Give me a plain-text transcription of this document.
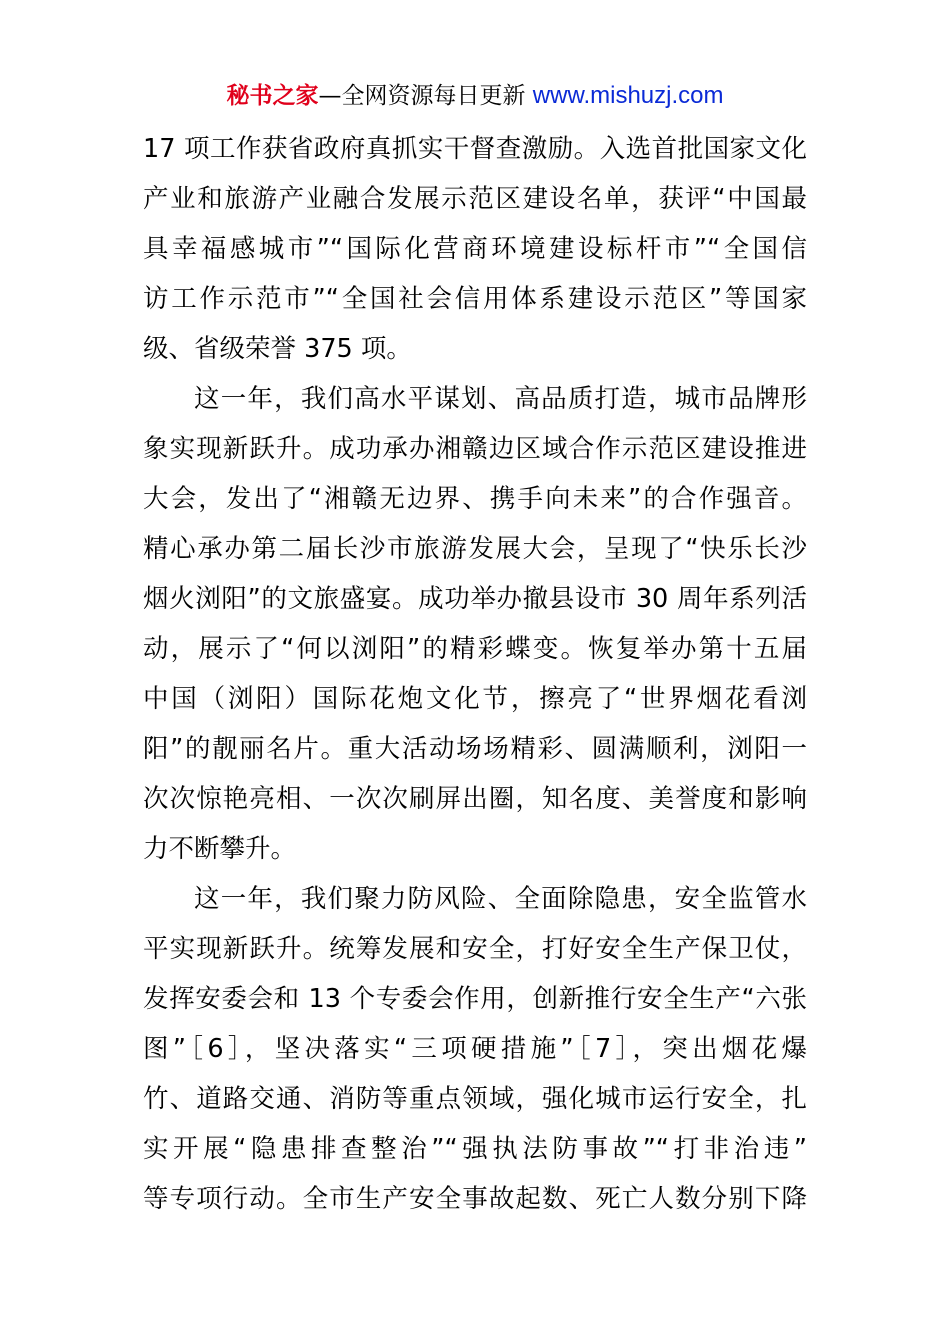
秘书之家—全网资源每日更新 www.mishuzj.com
17 项工作获省政府真抓实干督查激励。入选首批国家文化
产业和旅游产业融合发展示范区建设名单，获评“中国最
具幸福感城市”“国际化营商环境建设标杆市”“全国信
访工作示范市”“全国社会信用体系建设示范区”等国家
级、省级荣誉 375 项。
这一年，我们高水平谋划、高品质打造，城市品牌形
象实现新跃升。成功承办湘赣边区域合作示范区建设推进
大会，发出了“湘赣无边界、携手向未来”的合作强音。
精心承办第二届长沙市旅游发展大会，呈现了“快乐长沙
烟火浏阳”的文旅盛宴。成功举办撤县设市 30 周年系列活
动，展示了“何以浏阳”的精彩蝶变。恢复举办第十五届
中国（浏阳）国际花炮文化节，擦亮了“世界烟花看浏
阳”的靓丽名片。重大活动场场精彩、圆满顺利，浏阳一
次次惊艳亮相、一次次刷屏出圈，知名度、美誉度和影响
力不断攀升。
这一年，我们聚力防风险、全面除隐患，安全监管水
平实现新跃升。统筹发展和安全，打好安全生产保卫仗，
发挥安委会和 13 个专委会作用，创新推行安全生产“六张
图”［6］，坚决落实“三项硬措施”［7］，突出烟花爆
竹、道路交通、消防等重点领域，强化城市运行安全，扎
实开展“隐患排查整治”“强执法防事故”“打非治违”
等专项行动。全市生产安全事故起数、死亡人数分别下降
